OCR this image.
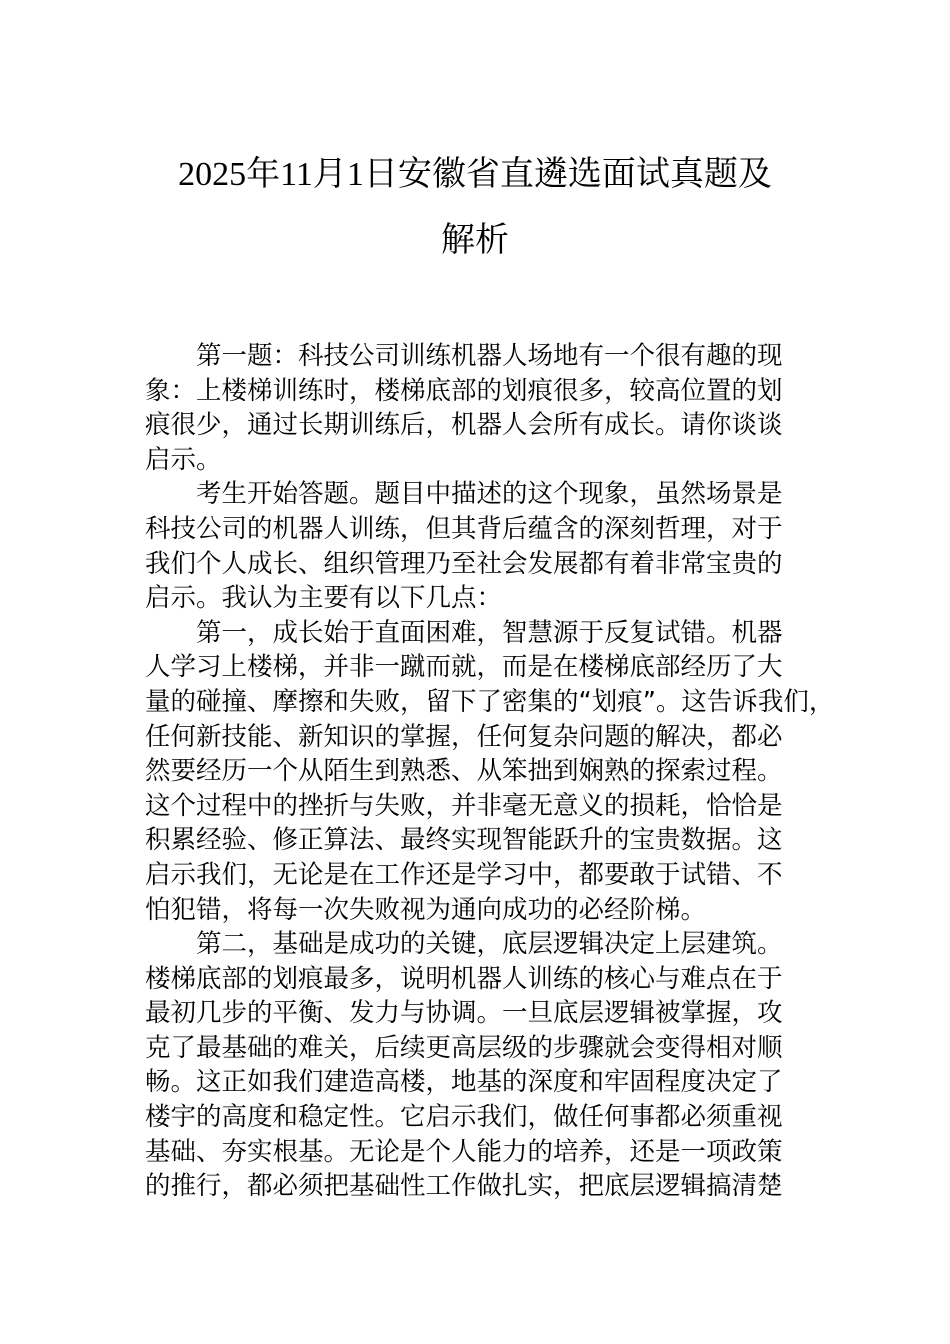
2025年11月1日安徽省直遴选面试真题及
解析
第一题：科技公司训练机器人场地有一个很有趣的现
象：上楼梯训练时，楼梯底部的划痕很多，较高位置的划
痕很少，通过长期训练后，机器人会所有成长。请你谈谈
启示。
考生开始答题。题目中描述的这个现象，虽然场景是
科技公司的机器人训练，但其背后蕴含的深刻哲理，对于
我们个人成长、组织管理乃至社会发展都有着非常宝贵的
启示。我认为主要有以下几点：
第一，成长始于直面困难，智慧源于反复试错。机器
人学习上楼梯，并非一蹴而就，而是在楼梯底部经历了大
量的碰撞、摩擦和失败，留下了密集的“划痕”。这告诉我们，
任何新技能、新知识的掌握，任何复杂问题的解决，都必
然要经历一个从陌生到熟悉、从笨拙到娴熟的探索过程。
这个过程中的挫折与失败，并非毫无意义的损耗，恰恰是
积累经验、修正算法、最终实现智能跃升的宝贵数据。这
启示我们，无论是在工作还是学习中，都要敢于试错、不
怕犯错，将每一次失败视为通向成功的必经阶梯。
第二，基础是成功的关键，底层逻辑决定上层建筑。
楼梯底部的划痕最多，说明机器人训练的核心与难点在于
最初几步的平衡、发力与协调。一旦底层逻辑被掌握，攻
克了最基础的难关，后续更高层级的步骤就会变得相对顺
畅。这正如我们建造高楼，地基的深度和牢固程度决定了
楼宇的高度和稳定性。它启示我们，做任何事都必须重视
基础、夯实根基。无论是个人能力的培养，还是一项政策
的推行，都必须把基础性工作做扎实，把底层逻辑搞清楚
